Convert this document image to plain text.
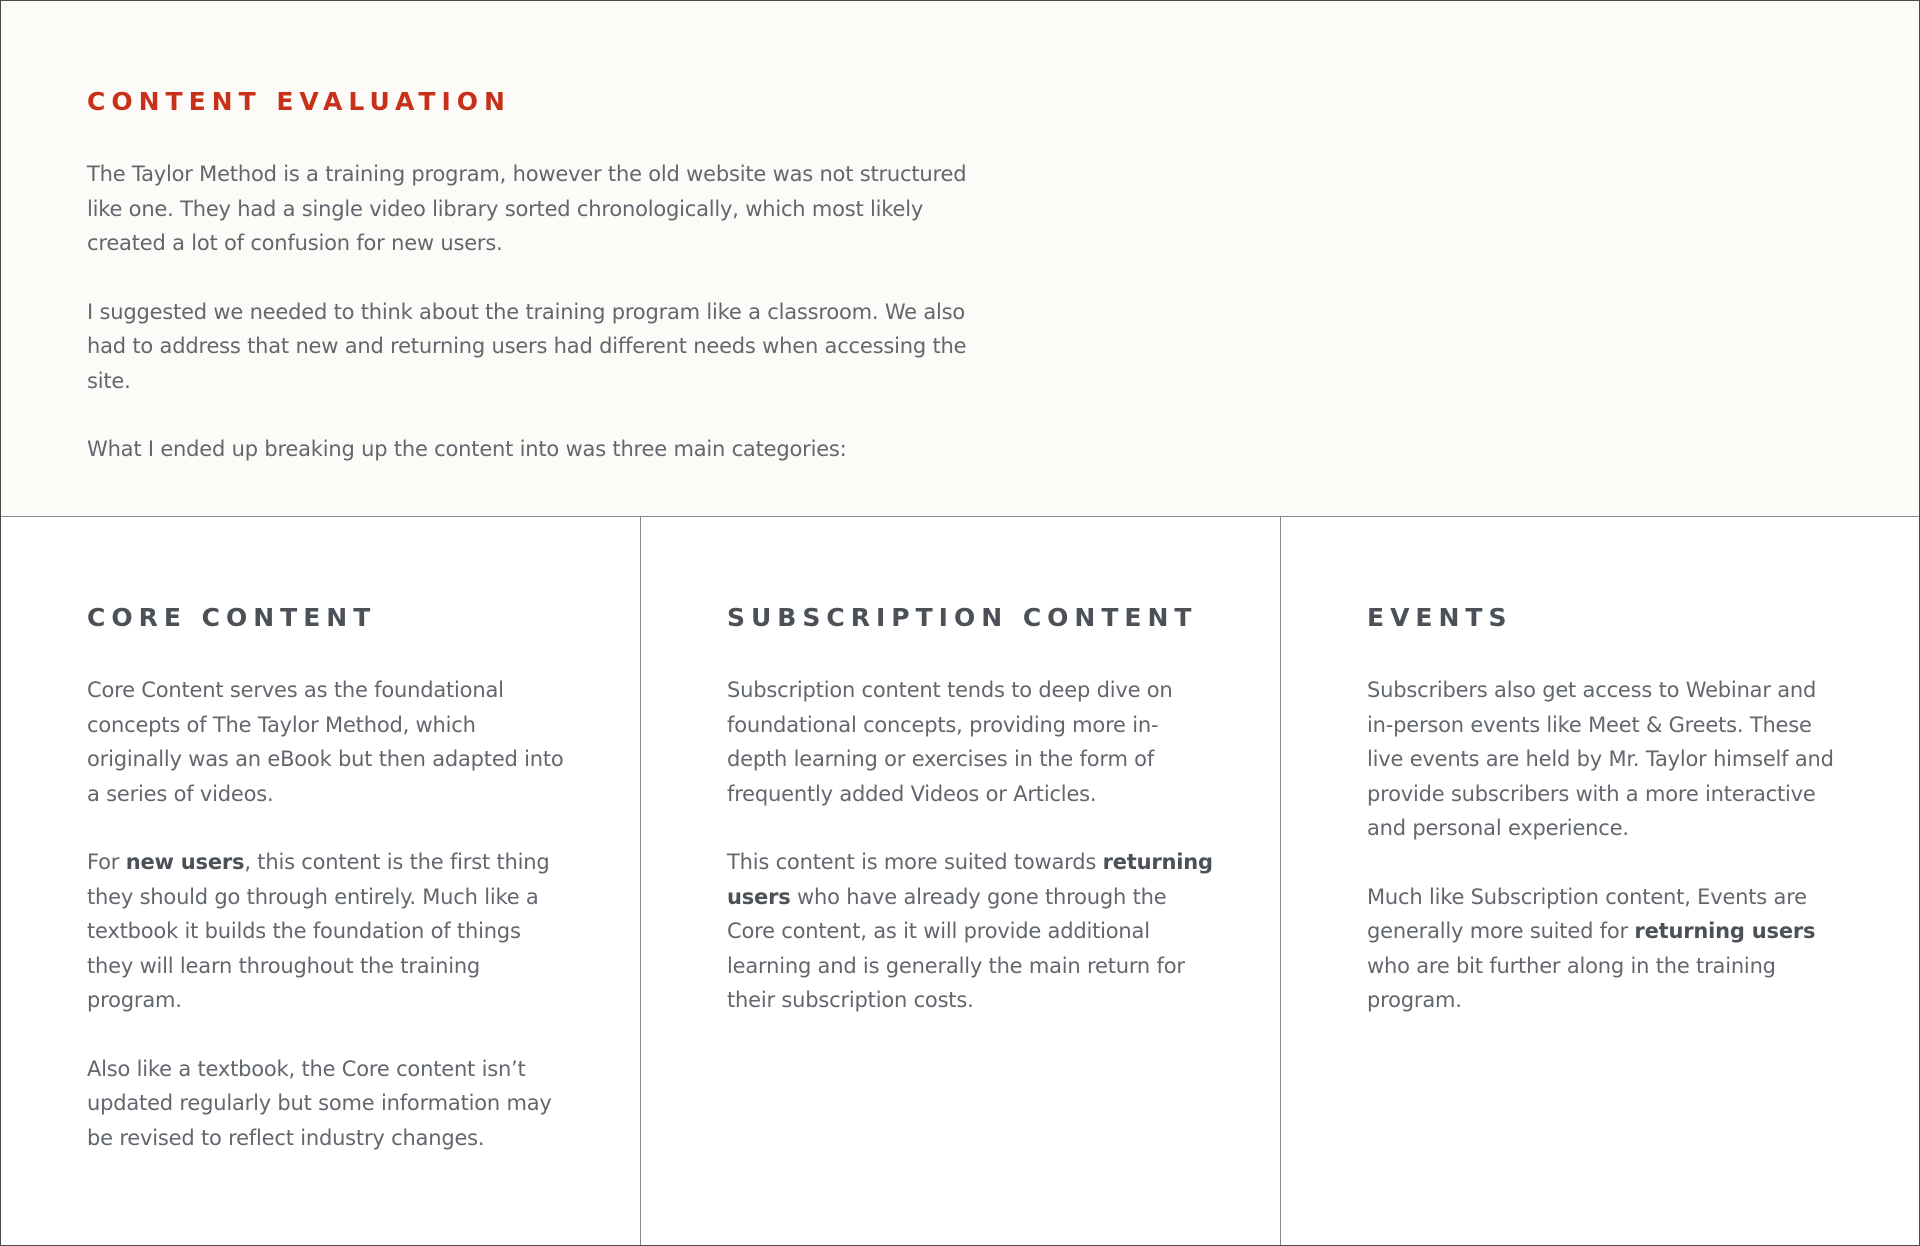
CONTENT EVALUATION

The Taylor Method is a training program, however the old website was not structured like one. They had a single video library sorted chronologically, which most likely created a lot of confusion for new users.

I suggested we needed to think about the training program like a classroom. We also had to address that new and returning users had different needs when accessing the site.

What I ended up breaking up the content into was three main categories:

CORE CONTENT

Core Content serves as the foundational concepts of The Taylor Method, which originally was an eBook but then adapted into a series of videos.

For new users, this content is the first thing they should go through entirely. Much like a textbook it builds the foundation of things they will learn throughout the training program.

Also like a textbook, the Core content isn’t updated regularly but some information may be revised to reflect industry changes.

SUBSCRIPTION CONTENT

Subscription content tends to deep dive on foundational concepts, providing more in-depth learning or exercises in the form of frequently added Videos or Articles.

This content is more suited towards returning users who have already gone through the Core content, as it will provide additional learning and is generally the main return for their subscription costs.

EVENTS

Subscribers also get access to Webinar and in-person events like Meet & Greets. These live events are held by Mr. Taylor himself and provide subscribers with a more interactive and personal experience.

Much like Subscription content, Events are generally more suited for returning users who are bit further along in the training program.
